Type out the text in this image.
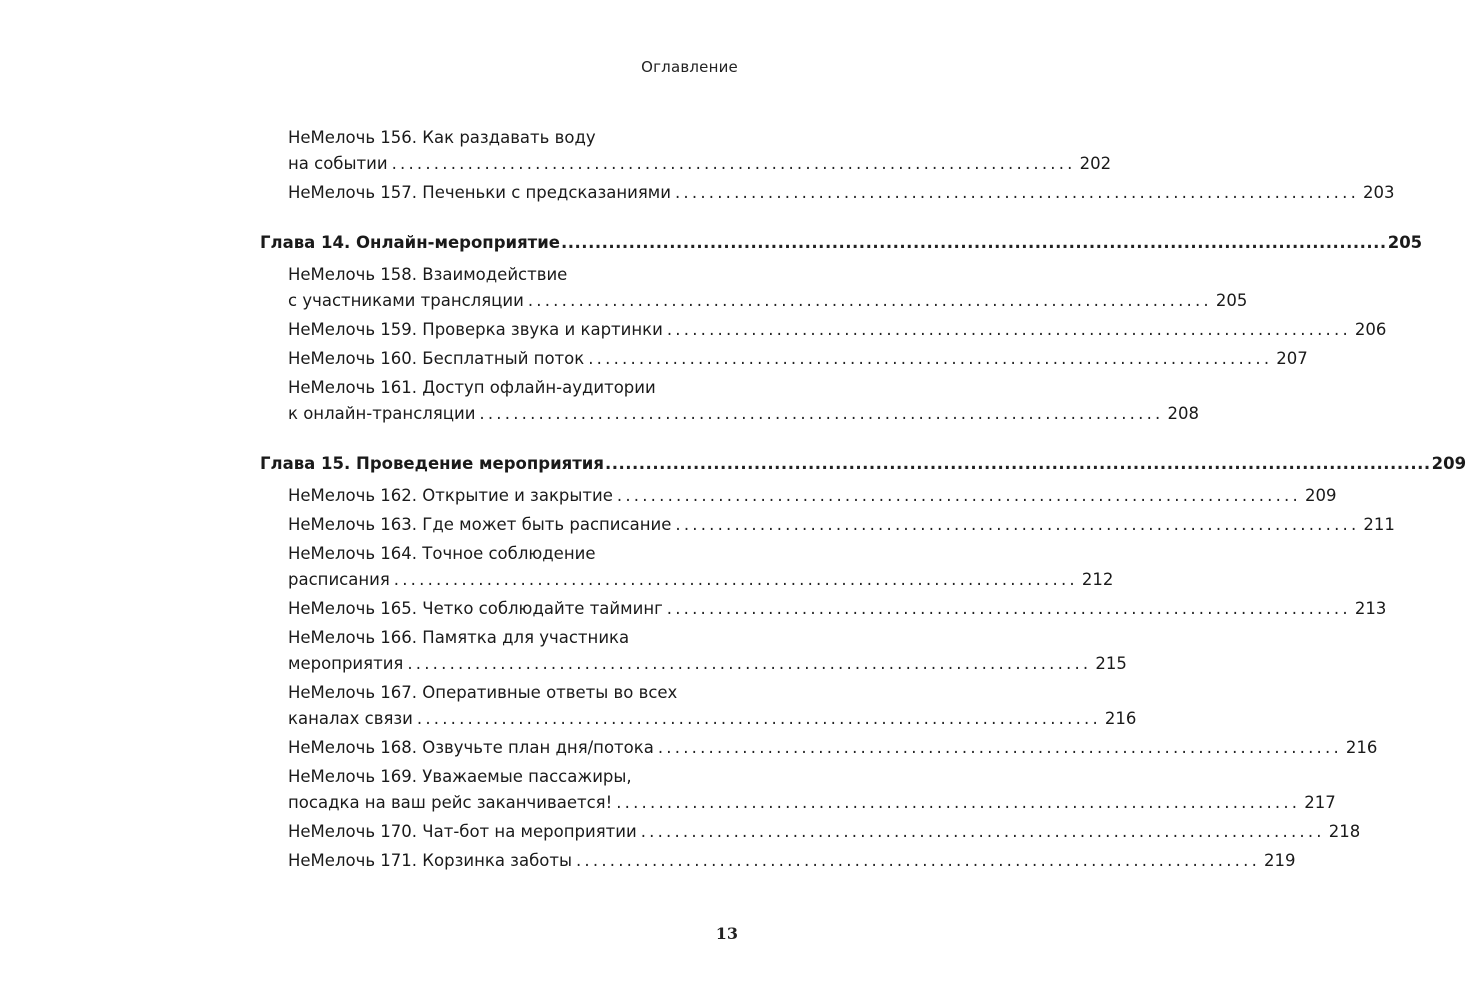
Оглавление
НеМелочь 156. Как раздавать воду
на событии ................................................................................. 202
НеМелочь 157. Печеньки с предсказаниями ................................................................................. 203
Глава 14. Онлайн-мероприятие .......................................................................................................................... 205
НеМелочь 158. Взаимодействие
с участниками трансляции ................................................................................. 205
НеМелочь 159. Проверка звука и картинки ................................................................................. 206
НеМелочь 160. Бесплатный поток ................................................................................. 207
НеМелочь 161. Доступ офлайн-аудитории
к онлайн-трансляции ................................................................................. 208
Глава 15. Проведение мероприятия .......................................................................................................................... 209
НеМелочь 162. Открытие и закрытие ................................................................................. 209
НеМелочь 163. Где может быть расписание ................................................................................. 211
НеМелочь 164. Точное соблюдение
расписания ................................................................................. 212
НеМелочь 165. Четко соблюдайте тайминг ................................................................................. 213
НеМелочь 166. Памятка для участника
мероприятия ................................................................................. 215
НеМелочь 167. Оперативные ответы во всех
каналах связи ................................................................................. 216
НеМелочь 168. Озвучьте план дня/потока ................................................................................. 216
НеМелочь 169. Уважаемые пассажиры,
посадка на ваш рейс заканчивается! ................................................................................. 217
НеМелочь 170. Чат-бот на мероприятии ................................................................................. 218
НеМелочь 171. Корзинка заботы ................................................................................. 219
13
